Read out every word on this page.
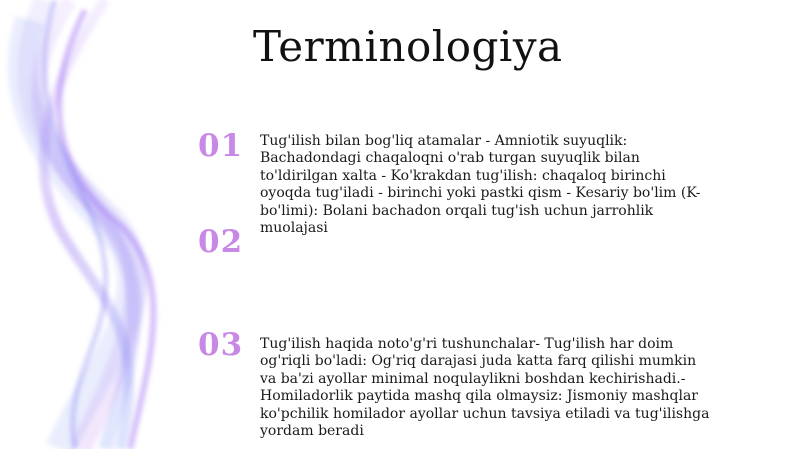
Terminologiya
01
02
03
Tug'ilish bilan bog'liq atamalar - Amniotik suyuqlik: Bachadondagi chaqaloqni o'rab turgan suyuqlik bilan to'ldirilgan xalta - Ko'krakdan tug'ilish: chaqaloq birinchi oyoqda tug'iladi - birinchi yoki pastki qism - Kesariy bo'lim (K-bo'limi): Bolani bachadon orqali tug'ish uchun jarrohlik muolajasi
Tug'ilish haqida noto'g'ri tushunchalar- Tug'ilish har doim og'riqli bo'ladi: Og'riq darajasi juda katta farq qilishi mumkin va ba'zi ayollar minimal noqulaylikni boshdan kechirishadi.- Homiladorlik paytida mashq qila olmaysiz: Jismoniy mashqlar ko'pchilik homilador ayollar uchun tavsiya etiladi va tug'ilishga yordam beradi
